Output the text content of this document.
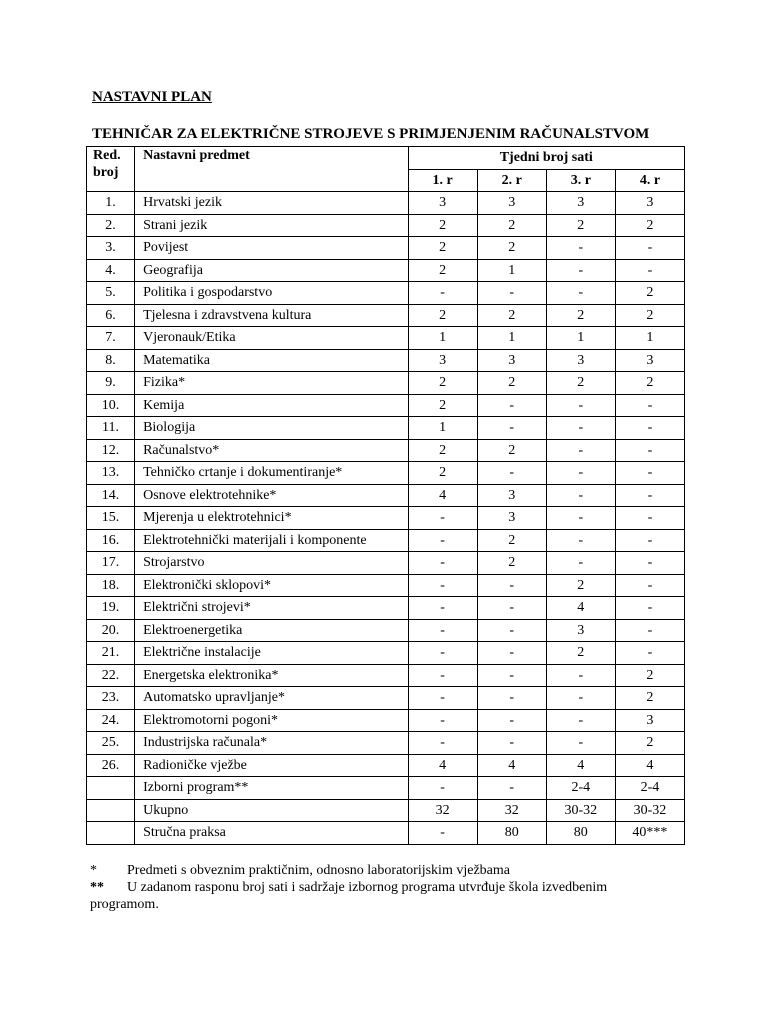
NASTAVNI PLAN

TEHNIČAR ZA ELEKTRIČNE STROJEVE S PRIMJENJENIM RAČUNALSTVOM

Red. broj	Nastavni predmet	Tjedni broj sati			
		1. r	2. r	3. r	4. r
1.	Hrvatski jezik	3	3	3	3
2.	Strani jezik	2	2	2	2
3.	Povijest	2	2	-	-
4.	Geografija	2	1	-	-
5.	Politika i gospodarstvo	-	-	-	2
6.	Tjelesna i zdravstvena kultura	2	2	2	2
7.	Vjeronauk/Etika	1	1	1	1
8.	Matematika	3	3	3	3
9.	Fizika*	2	2	2	2
10.	Kemija	2	-	-	-
11.	Biologija	1	-	-	-
12.	Računalstvo*	2	2	-	-
13.	Tehničko crtanje i dokumentiranje*	2	-	-	-
14.	Osnove elektrotehnike*	4	3	-	-
15.	Mjerenja u elektrotehnici*	-	3	-	-
16.	Elektrotehnički materijali i komponente	-	2	-	-
17.	Strojarstvo	-	2	-	-
18.	Elektronički sklopovi*	-	-	2	-
19.	Električni strojevi*	-	-	4	-
20.	Elektroenergetika	-	-	3	-
21.	Električne instalacije	-	-	2	-
22.	Energetska elektronika*	-	-	-	2
23.	Automatsko upravljanje*	-	-	-	2
24.	Elektromotorni pogoni*	-	-	-	3
25.	Industrijska računala*	-	-	-	2
26.	Radioničke vježbe	4	4	4	4
	Izborni program**	-	-	2-4	2-4
	Ukupno	32	32	30-32	30-32
	Stručna praksa	-	80	80	40***
*	Predmeti s obveznim praktičnim, odnosno laboratorijskim vježbama
**	U zadanom rasponu broj sati i sadržaje izbornog programa utvrđuje škola izvedbenim
programom.
